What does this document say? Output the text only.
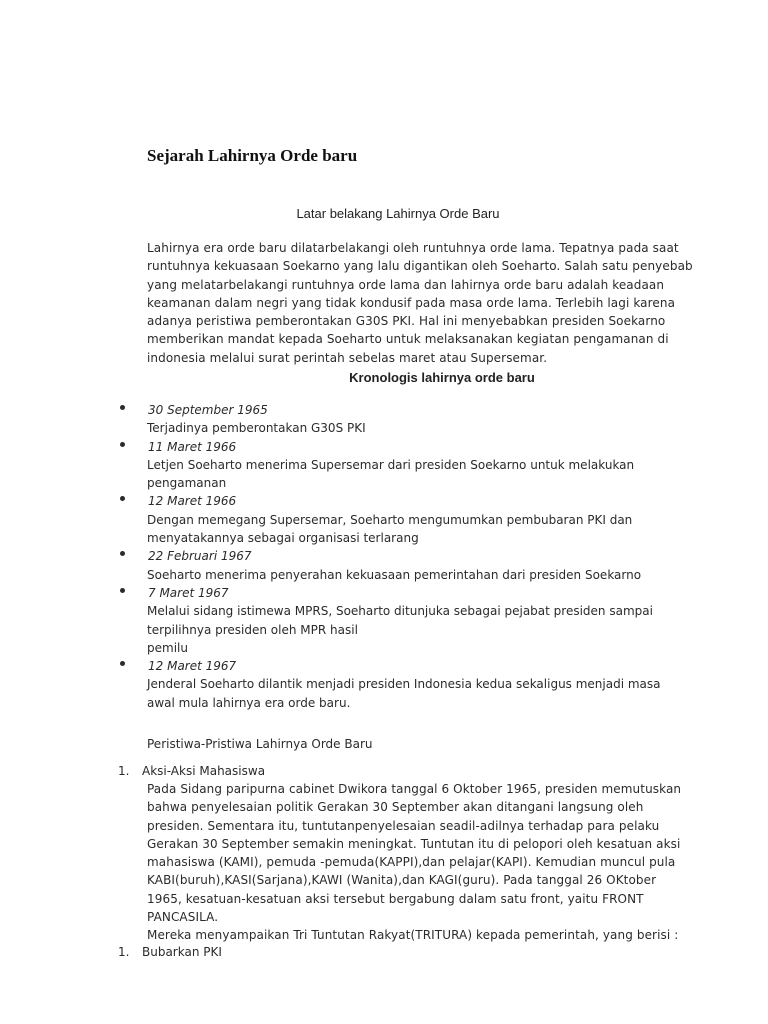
Sejarah Lahirnya Orde baru
Latar belakang Lahirnya Orde Baru
Lahirnya era orde baru dilatarbelakangi oleh runtuhnya orde lama. Tepatnya pada saat
runtuhnya kekuasaan Soekarno yang lalu digantikan oleh Soeharto. Salah satu penyebab
yang melatarbelakangi runtuhnya orde lama dan lahirnya orde baru adalah keadaan
keamanan dalam negri yang tidak kondusif pada masa orde lama. Terlebih lagi karena
adanya peristiwa pemberontakan G30S PKI. Hal ini menyebabkan presiden Soekarno
memberikan mandat kepada Soeharto untuk melaksanakan kegiatan pengamanan di
indonesia melalui surat perintah sebelas maret atau Supersemar.
Kronologis lahirnya orde baru
30 September 1965
Terjadinya pemberontakan G30S PKI
11 Maret 1966
Letjen Soeharto menerima Supersemar dari presiden Soekarno untuk melakukan
pengamanan
12 Maret 1966
Dengan memegang Supersemar, Soeharto mengumumkan pembubaran PKI dan
menyatakannya sebagai organisasi terlarang
22 Februari 1967
Soeharto menerima penyerahan kekuasaan pemerintahan dari presiden Soekarno
7 Maret 1967
Melalui sidang istimewa MPRS, Soeharto ditunjuka sebagai pejabat presiden sampai
terpilihnya presiden oleh MPR hasil
pemilu
12 Maret 1967
Jenderal Soeharto dilantik menjadi presiden Indonesia kedua sekaligus menjadi masa
awal mula lahirnya era orde baru.
Peristiwa-Pristiwa Lahirnya Orde Baru
1. Aksi-Aksi Mahasiswa
Pada Sidang paripurna cabinet Dwikora tanggal 6 Oktober 1965, presiden memutuskan
bahwa penyelesaian politik Gerakan 30 September akan ditangani langsung oleh
presiden. Sementara itu, tuntutanpenyelesaian seadil-adilnya terhadap para pelaku
Gerakan 30 September semakin meningkat. Tuntutan itu di pelopori oleh kesatuan aksi
mahasiswa (KAMI), pemuda -pemuda(KAPPI),dan pelajar(KAPI). Kemudian muncul pula
KABI(buruh),KASI(Sarjana),KAWI (Wanita),dan KAGI(guru). Pada tanggal 26 OKtober
1965, kesatuan-kesatuan aksi tersebut bergabung dalam satu front, yaitu FRONT
PANCASILA.
Mereka menyampaikan Tri Tuntutan Rakyat(TRITURA) kepada pemerintah, yang berisi :
1. Bubarkan PKI
